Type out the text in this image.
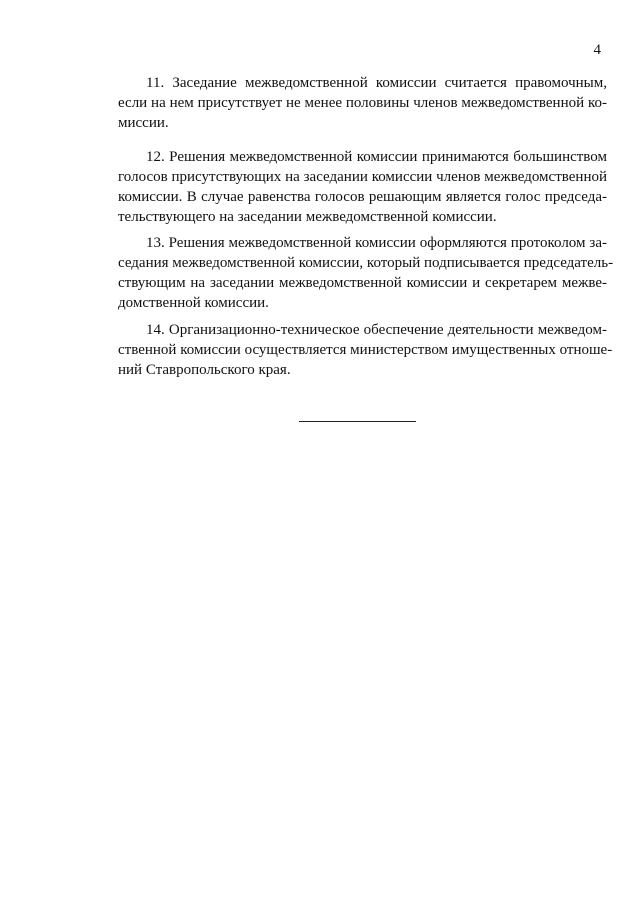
4
11. Заседание межведомственной комиссии считается правомочным,
если на нем присутствует не менее половины членов межведомственной ко-
миссии.
12. Решения межведомственной комиссии принимаются большинством
голосов присутствующих на заседании комиссии членов межведомственной
комиссии. В случае равенства голосов решающим является голос председа-
тельствующего на заседании межведомственной комиссии.
13. Решения межведомственной комиссии оформляются протоколом за-
седания межведомственной комиссии, который подписывается председатель-
ствующим на заседании межведомственной комиссии и секретарем межве-
домственной комиссии.
14. Организационно-техническое обеспечение деятельности межведом-
ственной комиссии осуществляется министерством имущественных отноше-
ний Ставропольского края.
